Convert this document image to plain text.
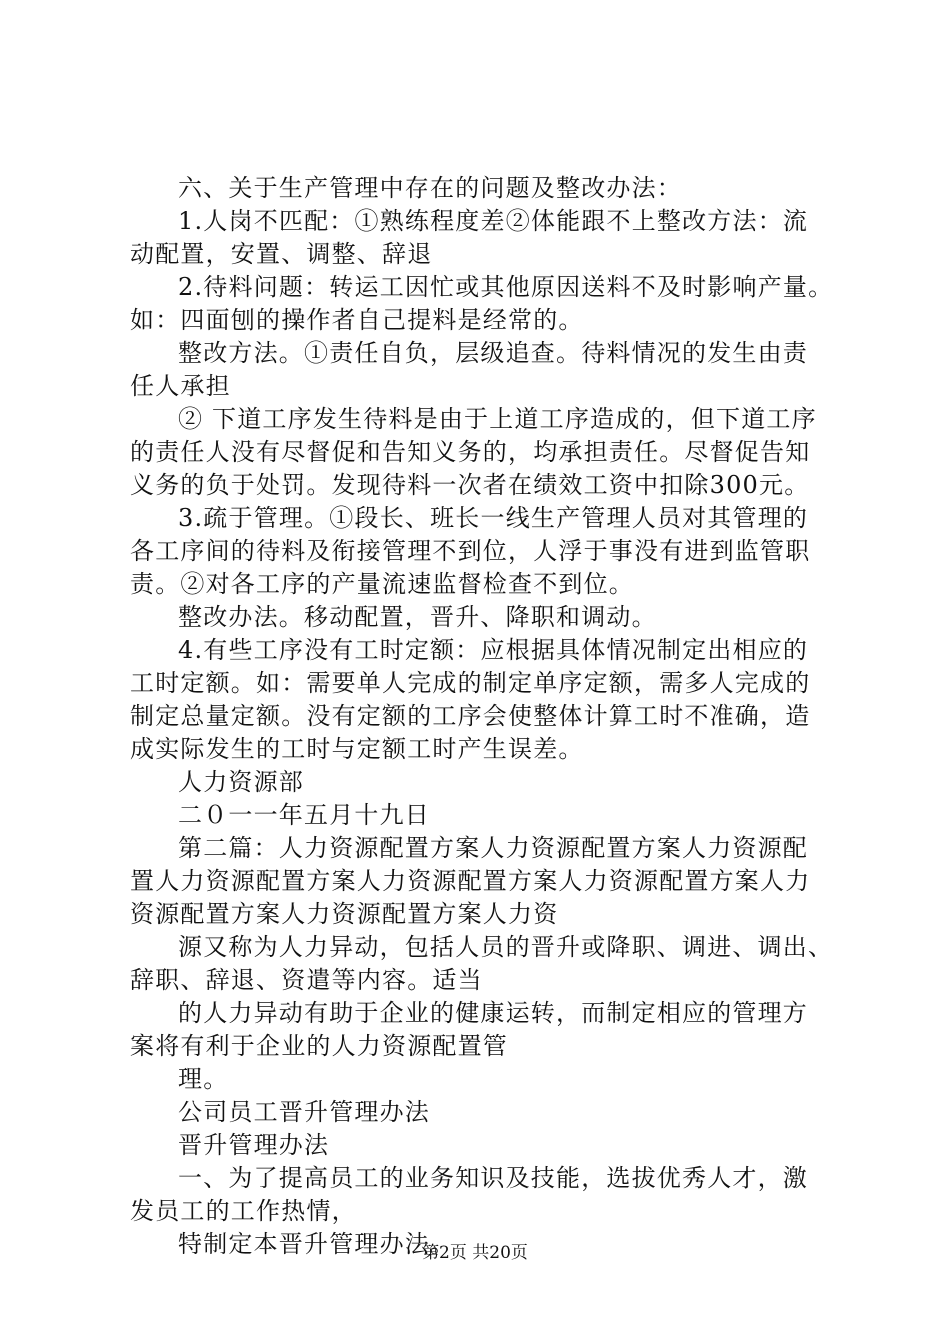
六、关于生产管理中存在的问题及整改办法：
1.人岗不匹配：①熟练程度差②体能跟不上整改方法：流
动配置，安置、调整、辞退
2.待料问题：转运工因忙或其他原因送料不及时影响产量。
如：四面刨的操作者自己提料是经常的。
整改方法。①责任自负，层级追查。待料情况的发生由责
任人承担
② 下道工序发生待料是由于上道工序造成的，但下道工序
的责任人没有尽督促和告知义务的，均承担责任。尽督促告知
义务的负于处罚。发现待料一次者在绩效工资中扣除300元。
3.疏于管理。①段长、班长一线生产管理人员对其管理的
各工序间的待料及衔接管理不到位，人浮于事没有进到监管职
责。②对各工序的产量流速监督检查不到位。
整改办法。移动配置，晋升、降职和调动。
4.有些工序没有工时定额：应根据具体情况制定出相应的
工时定额。如：需要单人完成的制定单序定额，需多人完成的
制定总量定额。没有定额的工序会使整体计算工时不准确，造
成实际发生的工时与定额工时产生误差。
人力资源部
二０一一年五月十九日
第二篇：人力资源配置方案人力资源配置方案人力资源配
置人力资源配置方案人力资源配置方案人力资源配置方案人力
资源配置方案人力资源配置方案人力资
源又称为人力异动，包括人员的晋升或降职、调进、调出、
辞职、辞退、资遣等内容。适当
的人力异动有助于企业的健康运转，而制定相应的管理方
案将有利于企业的人力资源配置管
理。
公司员工晋升管理办法
晋升管理办法
一、为了提高员工的业务知识及技能，选拔优秀人才，激
发员工的工作热情，
特制定本晋升管理办法。
第2页 共20页
